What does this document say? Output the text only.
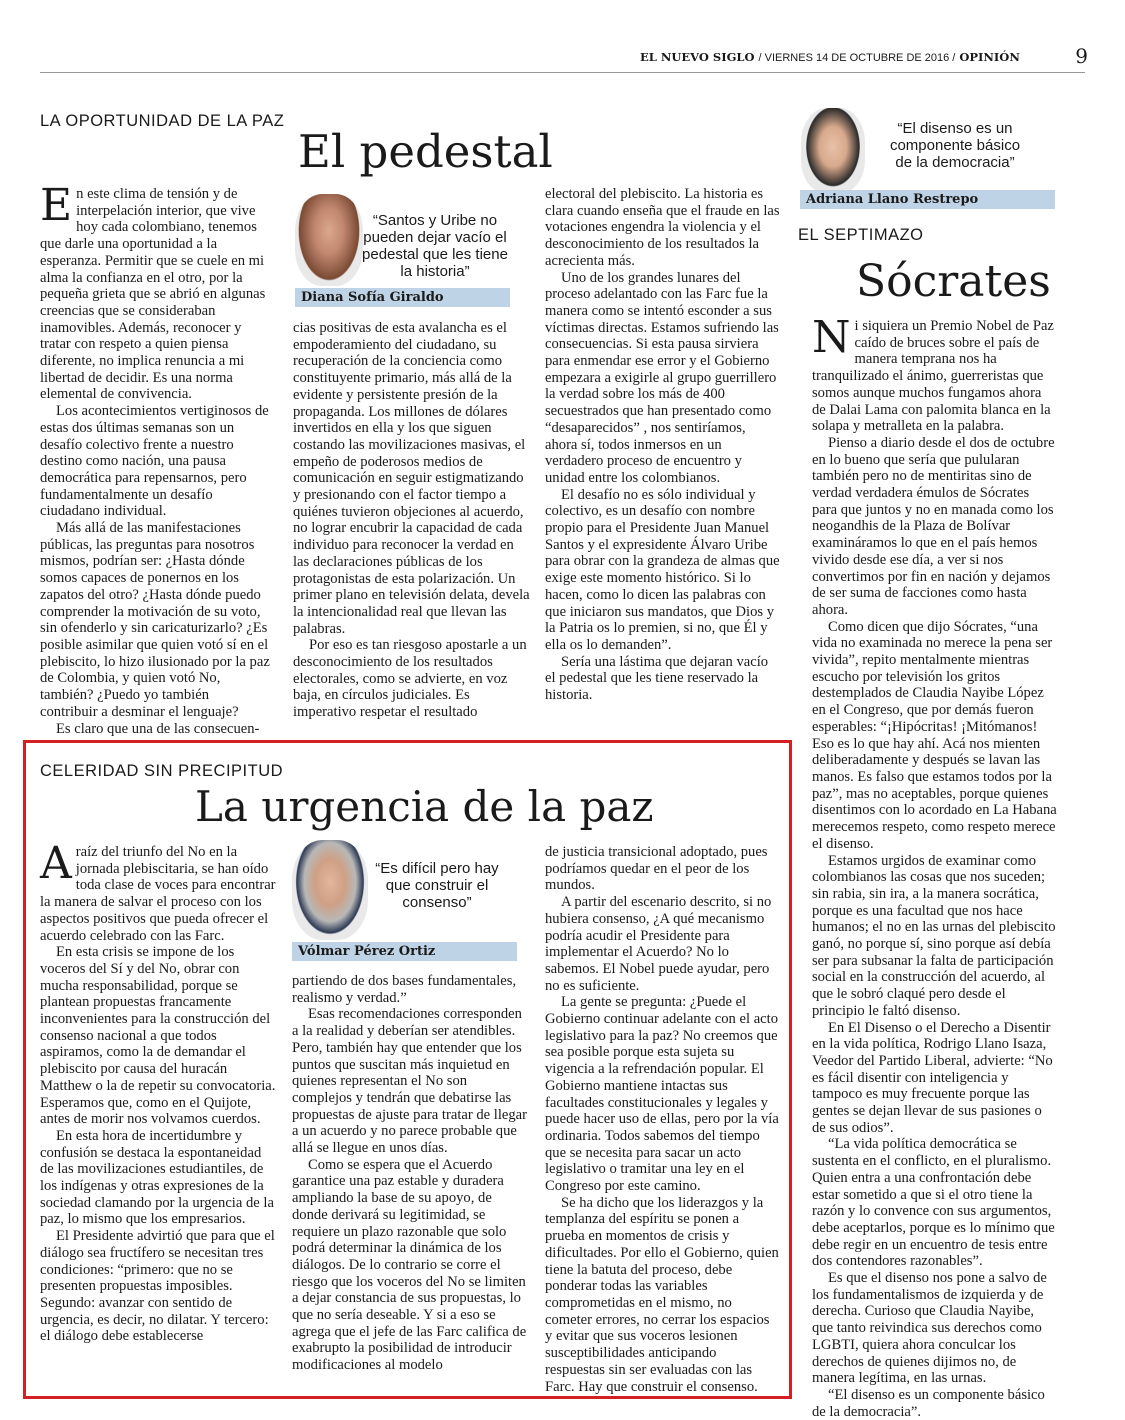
EL NUEVO SIGLO / VIERNES 14 DE OCTUBRE DE 2016 / OPINIÓN	9
LA OPORTUNIDAD DE LA PAZ
El pedestal
“Santos y Uribe no pueden dejar vacío el pedestal que les tiene la historia”
Diana Sofía Giraldo

En este clima de tensión y de interpelación interior, que vive hoy cada colombiano, tenemos que darle una oportunidad a la esperanza. Permitir que se cuele en mi alma la confianza en el otro, por la pequeña grieta que se abrió en algunas creencias que se consideraban inamovibles. Además, reconocer y tratar con respeto a quien piensa diferente, no implica renuncia a mi libertad de decidir. Es una norma elemental de convivencia.

Los acontecimientos vertiginosos de estas dos últimas semanas son un desafío colectivo frente a nuestro destino como nación, una pausa democrática para repensarnos, pero fundamentalmente un desafío ciudadano individual.

Más allá de las manifestaciones públicas, las preguntas para nosotros mismos, podrían ser: ¿Hasta dónde somos capaces de ponernos en los zapatos del otro? ¿Hasta dónde puedo comprender la motivación de su voto, sin ofenderlo y sin caricaturizarlo? ¿Es posible asimilar que quien votó sí en el plebiscito, lo hizo ilusionado por la paz de Colombia, y quien votó No, también? ¿Puedo yo también contribuir a desminar el lenguaje?

Es claro que una de las consecuen-

cias positivas de esta avalancha es el empoderamiento del ciudadano, su recuperación de la conciencia como constituyente primario, más allá de la evidente y persistente presión de la propaganda. Los millones de dólares invertidos en ella y los que siguen costando las movilizaciones masivas, el empeño de poderosos medios de comunicación en seguir estigmatizando y presionando con el factor tiempo a quiénes tuvieron objeciones al acuerdo, no lograr encubrir la capacidad de cada individuo para reconocer la verdad en las declaraciones públicas de los protagonistas de esta polarización. Un primer plano en televisión delata, devela la intencionalidad real que llevan las palabras.

Por eso es tan riesgoso apostarle a un desconocimiento de los resultados electorales, como se advierte, en voz baja, en círculos judiciales. Es imperativo respetar el resultado

electoral del plebiscito. La historia es clara cuando enseña que el fraude en las votaciones engendra la violencia y el desconocimiento de los resultados la acrecienta más.

Uno de los grandes lunares del proceso adelantado con las Farc fue la manera como se intentó esconder a sus víctimas directas. Estamos sufriendo las consecuencias. Si esta pausa sirviera para enmendar ese error y el Gobierno empezara a exigirle al grupo guerrillero la verdad sobre los más de 400 secuestrados que han presentado como “desaparecidos” , nos sentiríamos, ahora sí, todos inmersos en un verdadero proceso de encuentro y unidad entre los colombianos.

El desafío no es sólo individual y colectivo, es un desafío con nombre propio para el Presidente Juan Manuel Santos y el expresidente Álvaro Uribe para obrar con la grandeza de almas que exige este momento histórico. Si lo hacen, como lo dicen las palabras con que iniciaron sus mandatos, que Dios y la Patria os lo premien, si no, que Él y ella os lo demanden”.

Sería una lástima que dejaran vacío el pedestal que les tiene reservado la historia.

“El disenso es un componente básico de la democracia”
Adriana Llano Restrepo
EL SEPTIMAZO
Sócrates

Ni siquiera un Premio Nobel de Paz caído de bruces sobre el país de manera temprana nos ha tranquilizado el ánimo, guerreristas que somos aunque muchos fungamos ahora de Dalai Lama con palomita blanca en la solapa y metralleta en la palabra.

Pienso a diario desde el dos de octubre en lo bueno que sería que pulularan también pero no de mentiritas sino de verdad verdadera émulos de Sócrates para que juntos y no en manada como los neogandhis de la Plaza de Bolívar examináramos lo que en el país hemos vivido desde ese día, a ver si nos convertimos por fin en nación y dejamos de ser suma de facciones como hasta ahora.

Como dicen que dijo Sócrates, “una vida no examinada no merece la pena ser vivida”, repito mentalmente mientras escucho por televisión los gritos destemplados de Claudia Nayibe López en el Congreso, que por demás fueron esperables: “¡Hipócritas! ¡Mitómanos! Eso es lo que hay ahí. Acá nos mienten deliberadamente y después se lavan las manos. Es falso que estamos todos por la paz”, mas no aceptables, porque quienes disentimos con lo acordado en La Habana merecemos respeto, como respeto merece el disenso.

Estamos urgidos de examinar como colombianos las cosas que nos suceden; sin rabia, sin ira, a la manera socrática, porque es una facultad que nos hace humanos; el no en las urnas del plebiscito ganó, no porque sí, sino porque así debía ser para subsanar la falta de participación social en la construcción del acuerdo, al que le sobró claqué pero desde el principio le faltó disenso.

En El Disenso o el Derecho a Disentir en la vida política, Rodrigo Llano Isaza, Veedor del Partido Liberal, advierte: “No es fácil disentir con inteligencia y tampoco es muy frecuente porque las gentes se dejan llevar de sus pasiones o de sus odios”.

“La vida política democrática se sustenta en el conflicto, en el pluralismo. Quien entra a una confrontación debe estar sometido a que si el otro tiene la razón y lo convence con sus argumentos, debe aceptarlos, porque es lo mínimo que debe regir en un encuentro de tesis entre dos contendores razonables”.

Es que el disenso nos pone a salvo de los fundamentalismos de izquierda y de derecha. Curioso que Claudia Nayibe, que tanto reivindica sus derechos como LGBTI, quiera ahora conculcar los derechos de quienes dijimos no, de manera legítima, en las urnas.

“El disenso es un componente básico de la democracia”.

CELERIDAD SIN PRECIPITUD
La urgencia de la paz
“Es difícil pero hay que construir el consenso”
Vólmar Pérez Ortiz

Araíz del triunfo del No en la jornada plebiscitaria, se han oído toda clase de voces para encontrar la manera de salvar el proceso con los aspectos positivos que pueda ofrecer el acuerdo celebrado con las Farc.

En esta crisis se impone de los voceros del Sí y del No, obrar con mucha responsabilidad, porque se plantean propuestas francamente inconvenientes para la construcción del consenso nacional a que todos aspiramos, como la de demandar el plebiscito por causa del huracán Matthew o la de repetir su convocatoria. Esperamos que, como en el Quijote, antes de morir nos volvamos cuerdos.

En esta hora de incertidumbre y confusión se destaca la espontaneidad de las movilizaciones estudiantiles, de los indígenas y otras expresiones de la sociedad clamando por la urgencia de la paz, lo mismo que los empresarios.

El Presidente advirtió que para que el diálogo sea fructífero se necesitan tres condiciones: “primero: que no se presenten propuestas imposibles. Segundo: avanzar con sentido de urgencia, es decir, no dilatar. Y tercero: el diálogo debe establecerse

partiendo de dos bases fundamentales, realismo y verdad.”

Esas recomendaciones corresponden a la realidad y deberían ser atendibles. Pero, también hay que entender que los puntos que suscitan más inquietud en quienes representan el No son complejos y tendrán que debatirse las propuestas de ajuste para tratar de llegar a un acuerdo y no parece probable que allá se llegue en unos días.

Como se espera que el Acuerdo garantice una paz estable y duradera ampliando la base de su apoyo, de donde derivará su legitimidad, se requiere un plazo razonable que solo podrá determinar la dinámica de los diálogos. De lo contrario se corre el riesgo que los voceros del No se limiten a dejar constancia de sus propuestas, lo que no sería deseable. Y si a eso se agrega que el jefe de las Farc califica de exabrupto la posibilidad de introducir modificaciones al modelo

de justicia transicional adoptado, pues podríamos quedar en el peor de los mundos.

A partir del escenario descrito, si no hubiera consenso, ¿A qué mecanismo podría acudir el Presidente para implementar el Acuerdo? No lo sabemos. El Nobel puede ayudar, pero no es suficiente.

La gente se pregunta: ¿Puede el Gobierno continuar adelante con el acto legislativo para la paz? No creemos que sea posible porque esta sujeta su vigencia a la refrendación popular. El Gobierno mantiene intactas sus facultades constitucionales y legales y puede hacer uso de ellas, pero por la vía ordinaria. Todos sabemos del tiempo que se necesita para sacar un acto legislativo o tramitar una ley en el Congreso por este camino.

Se ha dicho que los liderazgos y la templanza del espíritu se ponen a prueba en momentos de crisis y dificultades. Por ello el Gobierno, quien tiene la batuta del proceso, debe ponderar todas las variables comprometidas en el mismo, no cometer errores, no cerrar los espacios y evitar que sus voceros lesionen susceptibilidades anticipando respuestas sin ser evaluadas con las Farc. Hay que construir el consenso.
